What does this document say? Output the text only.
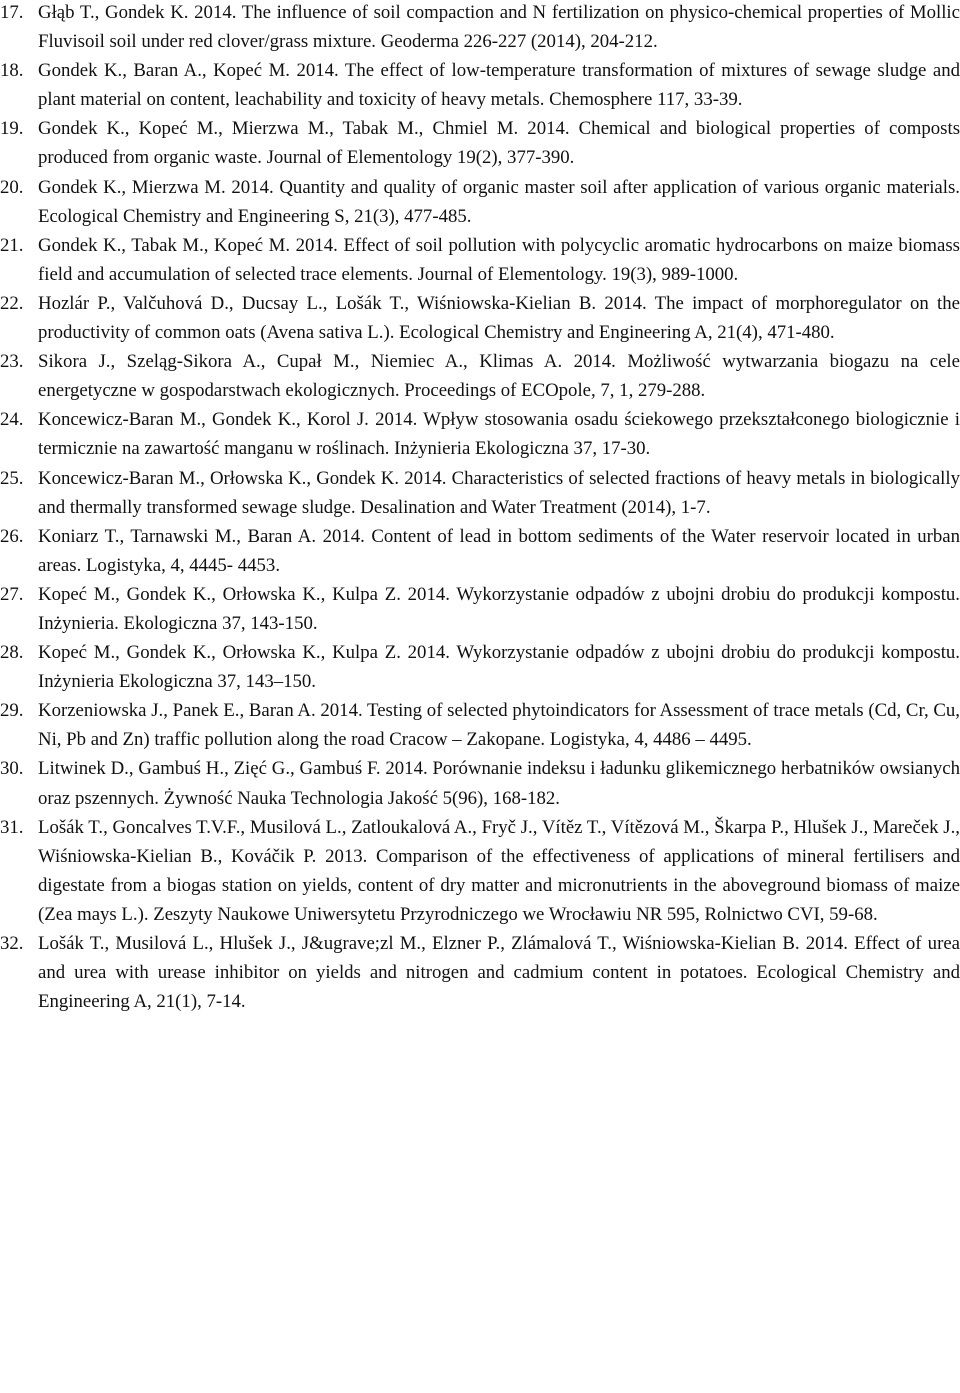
17. Głąb T., Gondek K. 2014. The influence of soil compaction and N fertilization on physico-chemical properties of Mollic Fluvisoil soil under red clover/grass mixture. Geoderma 226-227 (2014), 204-212.
18. Gondek K., Baran A., Kopeć M. 2014. The effect of low-temperature transformation of mixtures of sewage sludge and plant material on content, leachability and toxicity of heavy metals. Chemosphere 117, 33-39.
19. Gondek K., Kopeć M., Mierzwa M., Tabak M., Chmiel M. 2014. Chemical and biological properties of composts produced from organic waste. Journal of Elementology 19(2), 377-390.
20. Gondek K., Mierzwa M. 2014. Quantity and quality of organic master soil after application of various organic materials. Ecological Chemistry and Engineering S, 21(3), 477-485.
21. Gondek K., Tabak M., Kopeć M. 2014. Effect of soil pollution with polycyclic aromatic hydrocarbons on maize biomass field and accumulation of selected trace elements. Journal of Elementology. 19(3), 989-1000.
22. Hozlár P., Valčuhová D., Ducsay L., Lošák T., Wiśniowska-Kielian B. 2014. The impact of morphoregulator on the productivity of common oats (Avena sativa L.). Ecological Chemistry and Engineering A, 21(4), 471-480.
23. Sikora J., Szeląg-Sikora A., Cupał M., Niemiec A., Klimas A. 2014. Możliwość wytwarzania biogazu na cele energetyczne w gospodarstwach ekologicznych. Proceedings of ECOpole, 7, 1, 279-288.
24. Koncewicz-Baran M., Gondek K., Korol J. 2014. Wpływ stosowania osadu ściekowego przekształconego biologicznie i termicznie na zawartość manganu w roślinach. Inżynieria Ekologiczna 37, 17-30.
25. Koncewicz-Baran M., Orłowska K., Gondek K. 2014. Characteristics of selected fractions of heavy metals in biologically and thermally transformed sewage sludge. Desalination and Water Treatment (2014), 1-7.
26. Koniarz T., Tarnawski M., Baran A. 2014. Content of lead in bottom sediments of the Water reservoir located in urban areas. Logistyka, 4, 4445- 4453.
27. Kopeć M., Gondek K., Orłowska K., Kulpa Z. 2014. Wykorzystanie odpadów z ubojni drobiu do produkcji kompostu. Inżynieria. Ekologiczna 37, 143-150.
28. Kopeć M., Gondek K., Orłowska K., Kulpa Z. 2014. Wykorzystanie odpadów z ubojni drobiu do produkcji kompostu. Inżynieria Ekologiczna 37, 143–150.
29. Korzeniowska J., Panek E., Baran A. 2014. Testing of selected phytoindicators for Assessment of trace metals (Cd, Cr, Cu, Ni, Pb and Zn) traffic pollution along the road Cracow – Zakopane. Logistyka, 4, 4486 – 4495.
30. Litwinek D., Gambuś H., Zięć G., Gambuś F. 2014. Porównanie indeksu i ładunku glikemicznego herbatników owsianych oraz pszennych. Żywność Nauka Technologia Jakość 5(96), 168-182.
31. Lošák T., Goncalves T.V.F., Musilová L., Zatloukalová A., Fryč J., Vítěz T., Vítězová M., Škarpa P., Hlušek J., Mareček J., Wiśniowska-Kielian B., Kováčik P. 2013. Comparison of the effectiveness of applications of mineral fertilisers and digestate from a biogas station on yields, content of dry matter and micronutrients in the aboveground biomass of maize (Zea mays L.). Zeszyty Naukowe Uniwersytetu Przyrodniczego we Wrocławiu NR 595, Rolnictwo CVI, 59-68.
32. Lošák T., Musilová L., Hlušek J., J&ugrave;zl M., Elzner P., Zlámalová T., Wiśniowska-Kielian B. 2014. Effect of urea and urea with urease inhibitor on yields and nitrogen and cadmium content in potatoes. Ecological Chemistry and Engineering A, 21(1), 7-14.
